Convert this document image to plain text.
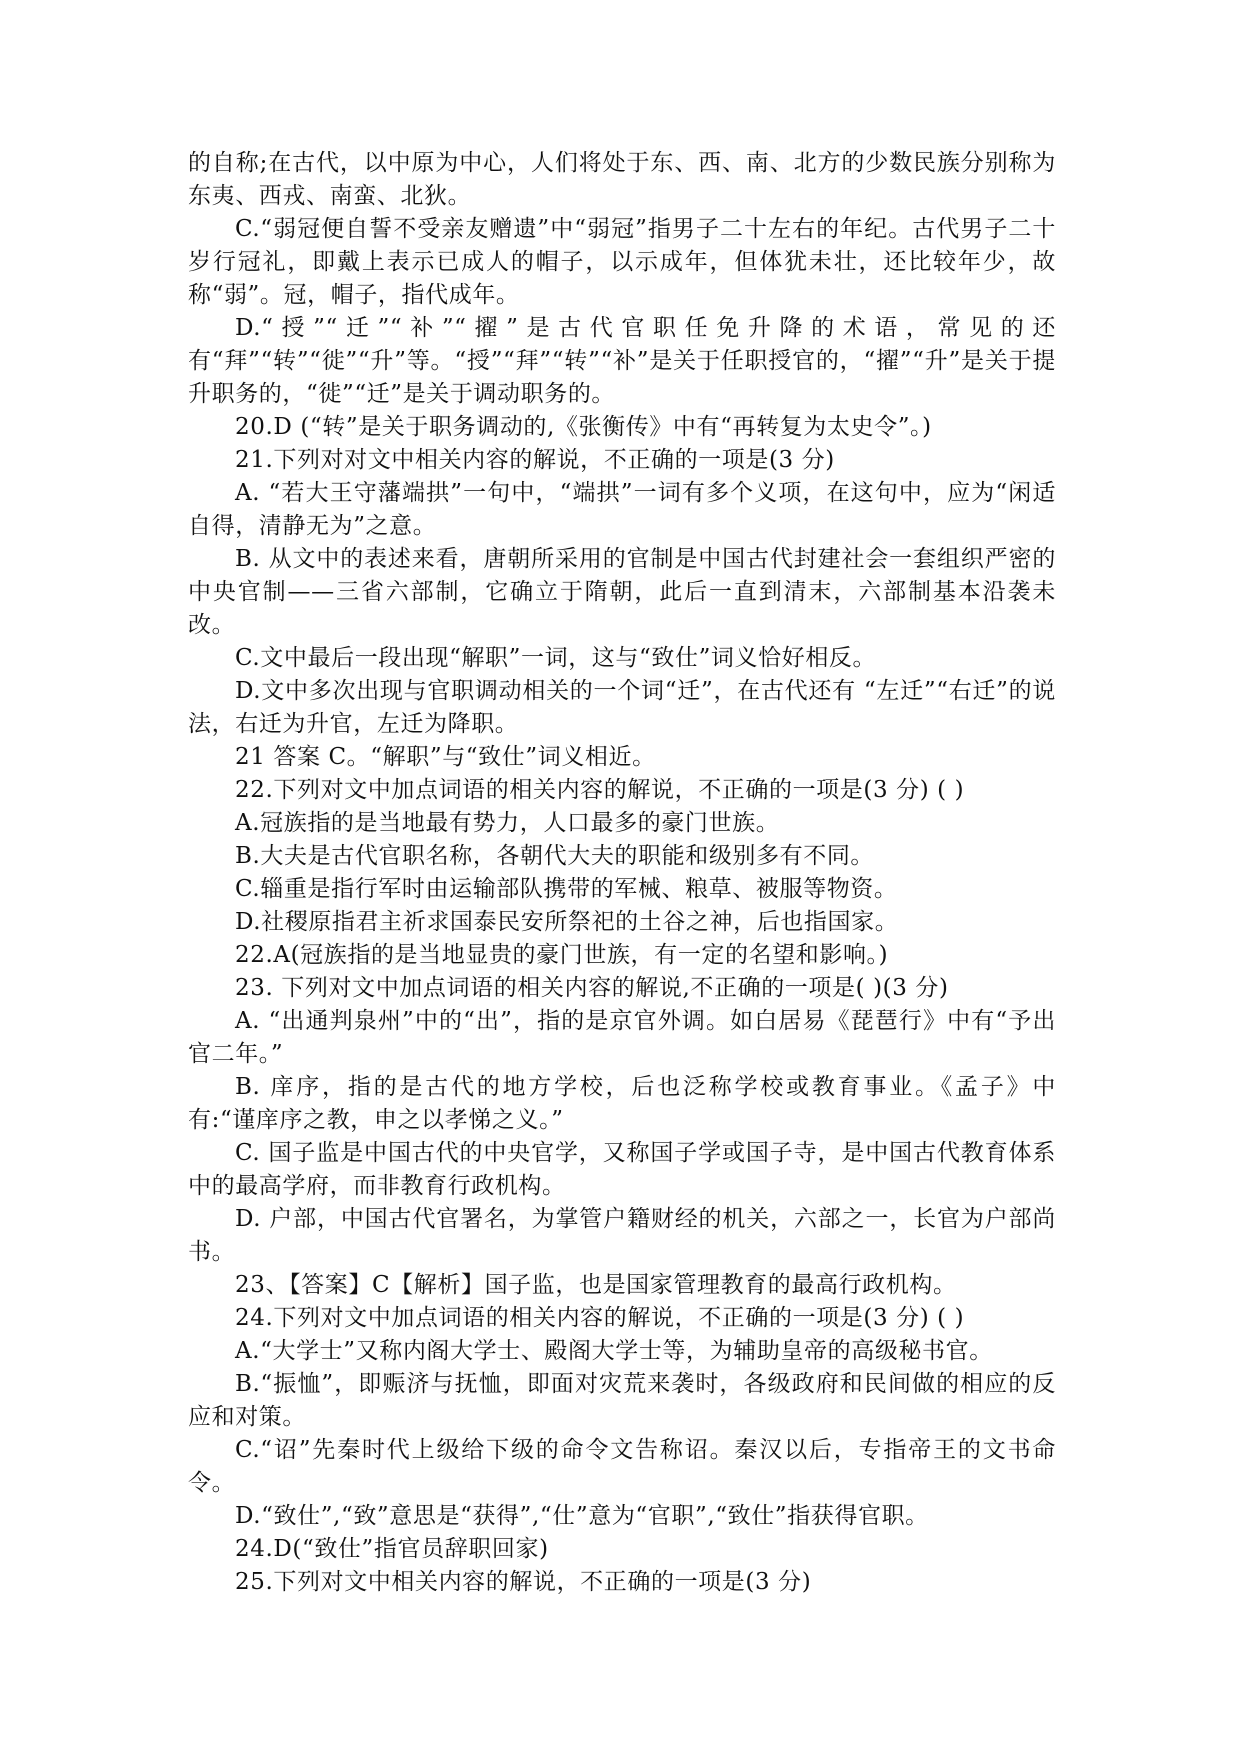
的自称;在古代，以中原为中心，人们将处于东、西、南、北方的少数民族分别称为东夷、西戎、南蛮、北狄。

C.“弱冠便自誓不受亲友赠遗”中“弱冠”指男子二十左右的年纪。古代男子二十岁行冠礼，即戴上表示已成人的帽子，以示成年，但体犹未壮，还比较年少，故称“弱”。冠，帽子，指代成年。

D.“授”“迁”“补”“擢”是古代官职任免升降的术语，常见的还有“拜”“转”“徙”“升”等。“授”“拜”“转”“补”是关于任职授官的，“擢”“升”是关于提升职务的，“徙”“迁”是关于调动职务的。

20.D (“转”是关于职务调动的,《张衡传》中有“再转复为太史令”。)

21.下列对对文中相关内容的解说，不正确的一项是(3 分)

A. “若大王守藩端拱”一句中，“端拱”一词有多个义项，在这句中，应为“闲适自得，清静无为”之意。

B. 从文中的表述来看，唐朝所采用的官制是中国古代封建社会一套组织严密的中央官制——三省六部制，它确立于隋朝，此后一直到清末，六部制基本沿袭未改。

C.文中最后一段出现“解职”一词，这与“致仕”词义恰好相反。

D.文中多次出现与官职调动相关的一个词“迁”，在古代还有 “左迁”“右迁”的说法，右迁为升官，左迁为降职。

21 答案 C。“解职”与“致仕”词义相近。

22.下列对文中加点词语的相关内容的解说，不正确的一项是(3 分) ( )

A.冠族指的是当地最有势力，人口最多的豪门世族。

B.大夫是古代官职名称，各朝代大夫的职能和级别多有不同。

C.辎重是指行军时由运输部队携带的军械、粮草、被服等物资。

D.社稷原指君主祈求国泰民安所祭祀的土谷之神，后也指国家。

22.A(冠族指的是当地显贵的豪门世族，有一定的名望和影响。)

23. 下列对文中加点词语的相关内容的解说,不正确的一项是( )(3 分)

A. “出通判泉州”中的“出”，指的是京官外调。如白居易《琵琶行》中有“予出官二年。”

B. 庠序，指的是古代的地方学校，后也泛称学校或教育事业。《孟子》中有:“谨庠序之教，申之以孝悌之义。”

C. 国子监是中国古代的中央官学，又称国子学或国子寺，是中国古代教育体系中的最高学府，而非教育行政机构。

D. 户部，中国古代官署名，为掌管户籍财经的机关，六部之一，长官为户部尚书。

23、【答案】C【解析】国子监，也是国家管理教育的最高行政机构。

24.下列对文中加点词语的相关内容的解说，不正确的一项是(3 分) ( )

A.“大学士”又称内阁大学士、殿阁大学士等，为辅助皇帝的高级秘书官。

B.“振恤”，即赈济与抚恤，即面对灾荒来袭时，各级政府和民间做的相应的反应和对策。

C.“诏”先秦时代上级给下级的命令文告称诏。秦汉以后，专指帝王的文书命令。

D.“致仕”,“致”意思是“获得”,“仕”意为“官职”,“致仕”指获得官职。

24.D(“致仕”指官员辞职回家)

25.下列对文中相关内容的解说，不正确的一项是(3 分)
